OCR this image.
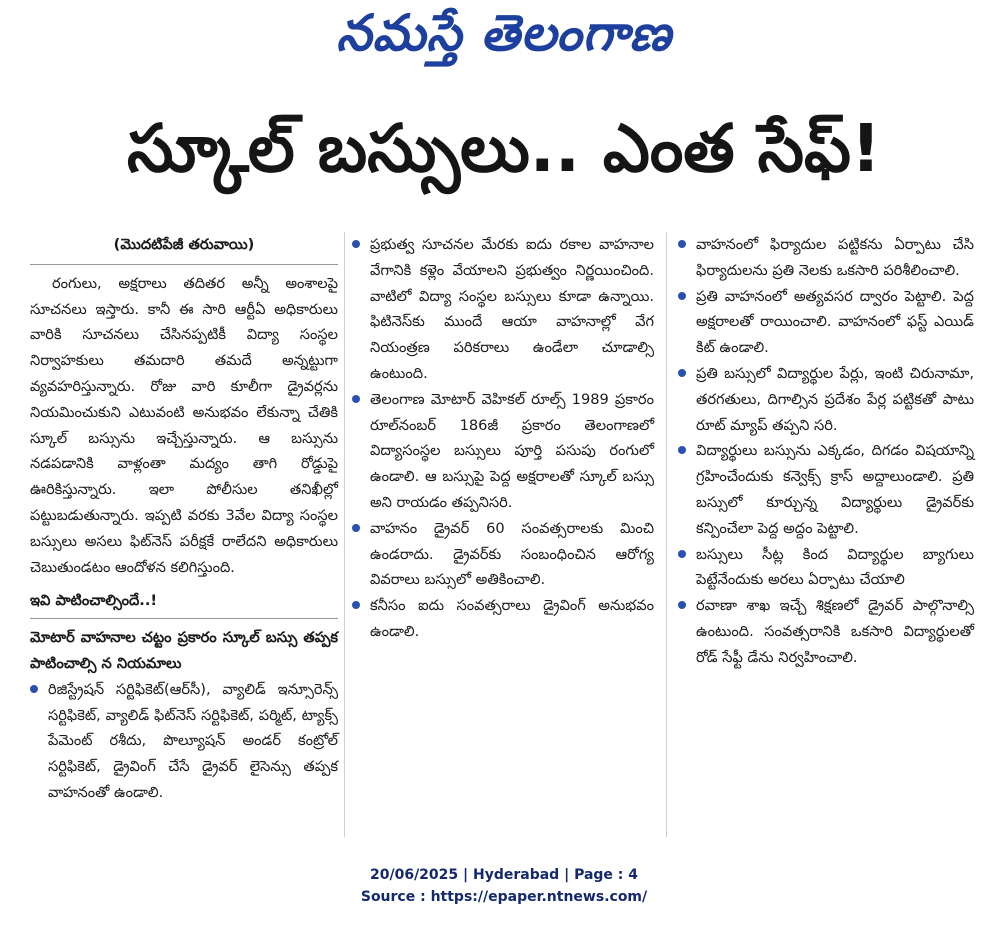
నమస్తే తెలంగాణ
స్కూల్ బస్సులు.. ఎంత సేఫ్!
(మొదటిపేజీ తరువాయి)

రంగులు, అక్షరాలు తదితర అన్నీ అంశాలపై సూచనలు ఇస్తారు. కానీ ఈ సారి ఆర్టీఏ అధికారులు వారికి సూచనలు చేసినప్పటికీ విద్యా సంస్థల నిర్వాహకులు తమదారి తమదే అన్నట్టుగా వ్యవహరిస్తున్నారు. రోజు వారి కూలీగా డ్రైవర్లను నియమించుకుని ఎటువంటి అనుభవం లేకున్నా చేతికి స్కూల్ బస్సును ఇచ్చేస్తున్నారు. ఆ బస్సును నడపడానికి వాళ్లంతా మద్యం తాగి రోడ్డుపై ఊరికిస్తున్నారు. ఇలా పోలీసుల తనిఖీల్లో పట్టుబడుతున్నారు. ఇప్పటి వరకు 3వేల విద్యా సంస్థల బస్సులు అసలు ఫిట్‌నెస్ పరీక్షకే రాలేదని అధికారులు చెబుతుండటం ఆందోళన కలిగిస్తుంది.

ఇవి పాటించాల్సిందే..!

మోటార్ వాహనాల చట్టం ప్రకారం స్కూల్ బస్సు తప్పక పాటించాల్సి న నియమాలు

రిజిస్ట్రేషన్ సర్టిఫికెట్(ఆర్‌సీ), వ్యాలిడ్ ఇన్సూరెన్స్ సర్టిఫికెట్, వ్యాలిడ్ ఫిట్‌నెస్ సర్టిఫికెట్, పర్మిట్, ట్యాక్స్ పేమెంట్ రశీదు, పొల్యూషన్ అండర్ కంట్రోల్ సర్టిఫికెట్, డ్రైవింగ్ చేసే డ్రైవర్ లైసెన్సు తప్పక వాహనంతో ఉండాలి.

ప్రభుత్వ సూచనల మేరకు ఐదు రకాల వాహనాల వేగానికి కళ్లెం వేయాలని ప్రభుత్వం నిర్ణయించింది. వాటిలో విద్యా సంస్థల బస్సులు కూడా ఉన్నాయి. ఫిటినెస్‌కు ముందే ఆయా వాహనాల్లో వేగ నియంత్రణ పరికరాలు ఉండేలా చూడాల్సి ఉంటుంది.

తెలంగాణ మోటార్ వెహికల్ రూల్స్ 1989 ప్రకారం రూల్‌నంబర్ 186జీ ప్రకారం తెలంగాణలో విద్యాసంస్థల బస్సులు పూర్తి పసుపు రంగులో ఉండాలి. ఆ బస్సుపై పెద్ద అక్షరాలతో స్కూల్ బస్సు అని రాయడం తప్పనిసరి.

వాహనం డ్రైవర్ 60 సంవత్సరాలకు మించి ఉండరాదు. డ్రైవర్‌కు సంబంధించిన ఆరోగ్య వివరాలు బస్సులో అతికించాలి.

కనీసం ఐదు సంవత్సరాలు డ్రైవింగ్ అనుభవం ఉండాలి.

వాహనంలో ఫిర్యాదుల పట్టికను ఏర్పాటు చేసి ఫిర్యాదులను ప్రతి నెలకు ఒకసారి పరిశీలించాలి.

ప్రతి వాహనంలో అత్యవసర ద్వారం పెట్టాలి. పెద్ద అక్షరాలతో రాయించాలి. వాహనంలో ఫస్ట్ ఎయిడ్ కిట్ ఉండాలి.

ప్రతి బస్సులో విద్యార్థుల పేర్లు, ఇంటి చిరునామా, తరగతులు, దిగాల్సిన ప్రదేశం పేర్ల పట్టికతో పాటు రూట్ మ్యాప్ తప్పని సరి.

విద్యార్థులు బస్సును ఎక్కడం, దిగడం విషయాన్ని గ్రహించేందుకు కన్వెక్స్ క్రాస్ అద్దాలుండాలి. ప్రతి బస్సులో కూర్చున్న విద్యార్థులు డ్రైవర్‌కు కన్పించేలా పెద్ద అద్దం పెట్టాలి.

బస్సులు సీట్ల కింద విద్యార్థుల బ్యాగులు పెట్టేనేందుకు అరలు ఏర్పాటు చేయాలి

రవాణా శాఖ ఇచ్చే శిక్షణలో డ్రైవర్ పాల్గొనాల్సి ఉంటుంది. సంవత్సరానికి ఒకసారి విద్యార్థులతో రోడ్ సేఫ్టీ డేను నిర్వహించాలి.

20/06/2025 | Hyderabad | Page : 4
Source : https://epaper.ntnews.com/
